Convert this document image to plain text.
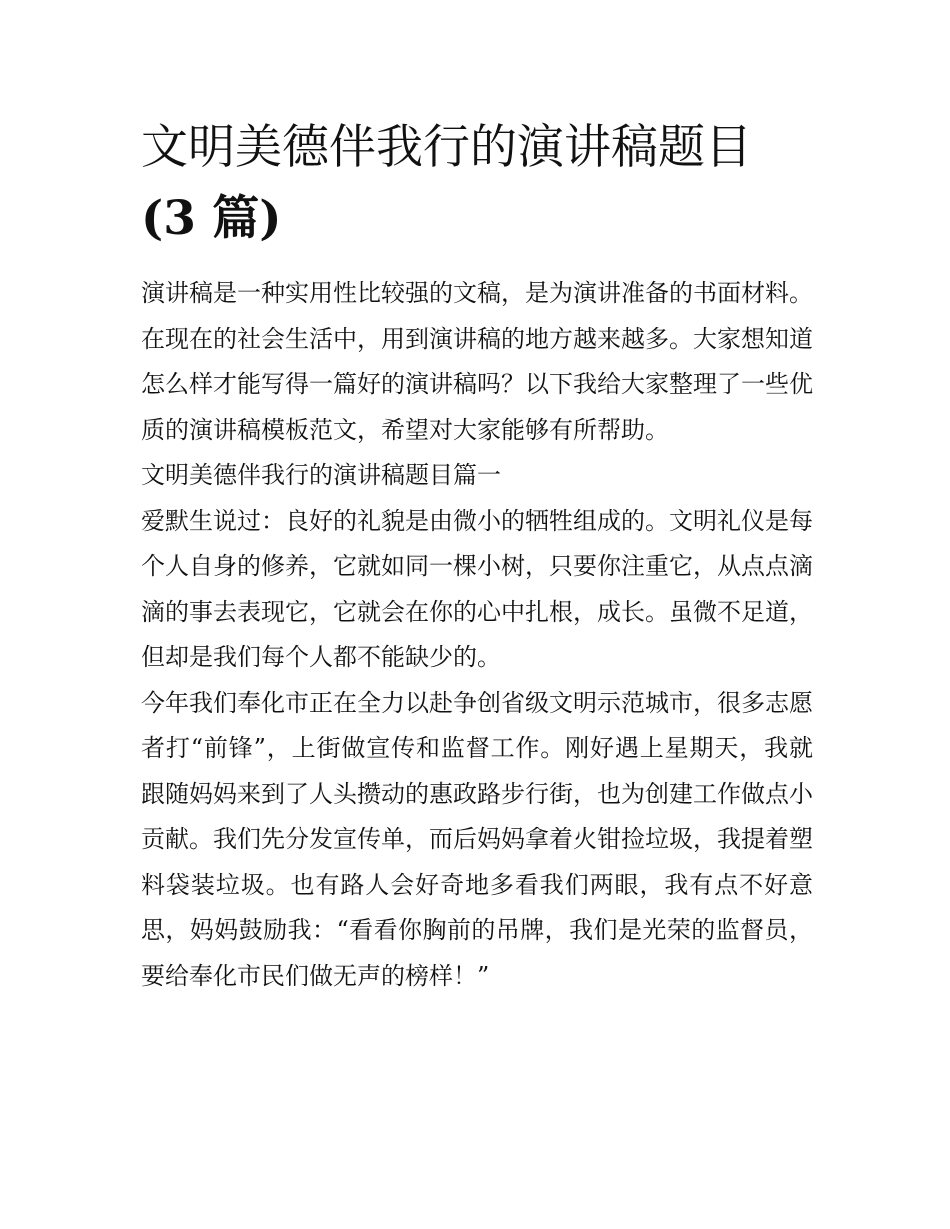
文明美德伴我行的演讲稿题目
(3 篇)

演讲稿是一种实用性比较强的文稿，是为演讲准备的书面材料。在现在的社会生活中，用到演讲稿的地方越来越多。大家想知道怎么样才能写得一篇好的演讲稿吗？以下我给大家整理了一些优质的演讲稿模板范文，希望对大家能够有所帮助。

文明美德伴我行的演讲稿题目篇一

爱默生说过：良好的礼貌是由微小的牺牲组成的。文明礼仪是每个人自身的修养，它就如同一棵小树，只要你注重它，从点点滴滴的事去表现它，它就会在你的心中扎根，成长。虽微不足道，但却是我们每个人都不能缺少的。

今年我们奉化市正在全力以赴争创省级文明示范城市，很多志愿者打“前锋”，上街做宣传和监督工作。刚好遇上星期天，我就跟随妈妈来到了人头攒动的惠政路步行街，也为创建工作做点小贡献。我们先分发宣传单，而后妈妈拿着火钳捡垃圾，我提着塑料袋装垃圾。也有路人会好奇地多看我们两眼，我有点不好意思，妈妈鼓励我：“看看你胸前的吊牌，我们是光荣的监督员，要给奉化市民们做无声的榜样！”
